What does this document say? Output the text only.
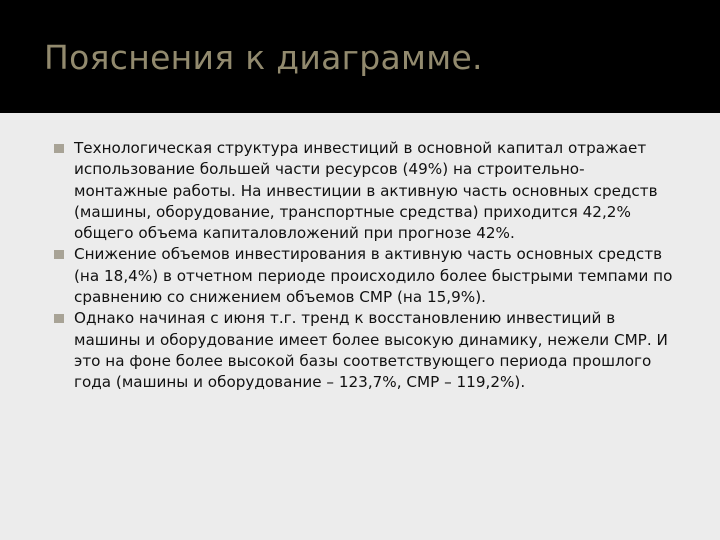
Пояснения к диаграмме.

Технологическая структура инвестиций в основной капитал отражает использование большей части ресурсов (49%) на строительно-монтажные работы. На инвестиции в активную часть основных средств (машины, оборудование, транспортные средства) приходится 42,2% общего объема капиталовложений при прогнозе 42%.

Снижение объемов инвестирования в активную часть основных средств (на 18,4%) в отчетном периоде происходило более быстрыми темпами по сравнению со снижением объемов СМР (на 15,9%).

Однако начиная с июня т.г. тренд к восстановлению инвестиций в машины и оборудование имеет более высокую динамику, нежели СМР. И это на фоне более высокой базы соответствующего периода прошлого года (машины и оборудование – 123,7%, СМР – 119,2%).
